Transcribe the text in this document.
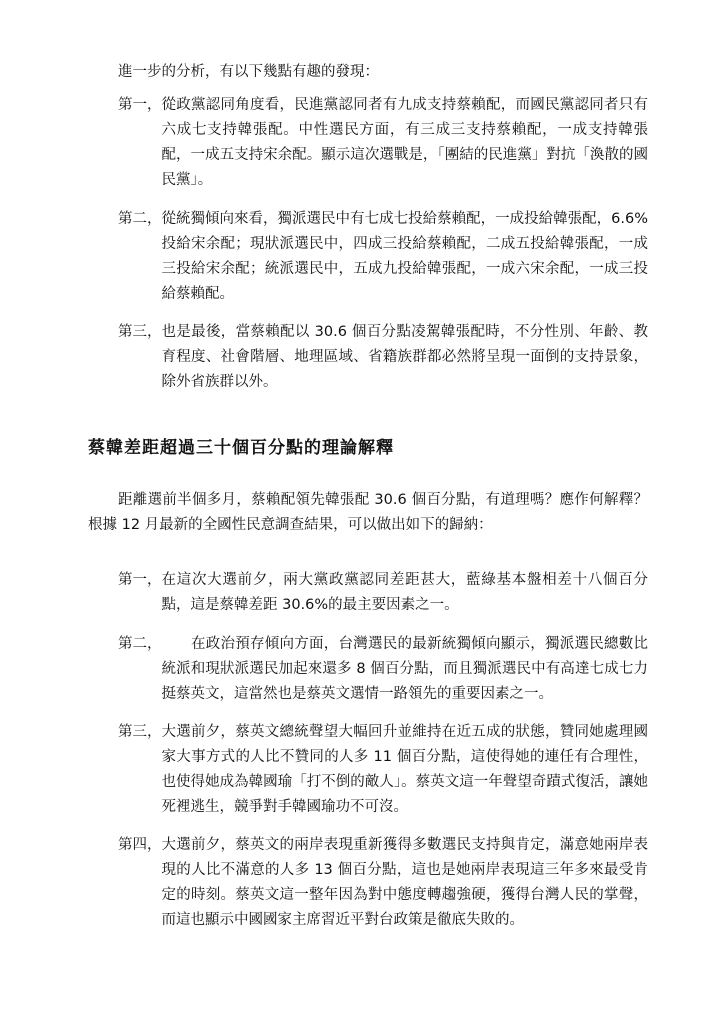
進一步的分析，有以下幾點有趣的發現：

第一， 從政黨認同角度看，民進黨認同者有九成支持蔡賴配，而國民黨認同者只有六成七支持韓張配。中性選民方面，有三成三支持蔡賴配，一成支持韓張配，一成五支持宋余配。顯示這次選戰是，「團結的民進黨」對抗「渙散的國民黨」。
第二， 從統獨傾向來看，獨派選民中有七成七投給蔡賴配，一成投給韓張配，6.6%投給宋余配；現狀派選民中，四成三投給蔡賴配，二成五投給韓張配，一成三投給宋余配；統派選民中，五成九投給韓張配，一成六宋余配，一成三投給蔡賴配。
第三， 也是最後，當蔡賴配以 30.6 個百分點凌駕韓張配時，不分性別、年齡、教育程度、社會階層、地理區域、省籍族群都必然將呈現一面倒的支持景象，除外省族群以外。
蔡韓差距超過三十個百分點的理論解釋

距離選前半個多月，蔡賴配領先韓張配 30.6 個百分點，有道理嗎？應作何解釋？根據 12 月最新的全國性民意調查結果，可以做出如下的歸納：

第一， 在這次大選前夕，兩大黨政黨認同差距甚大，藍綠基本盤相差十八個百分點，這是蔡韓差距 30.6%的最主要因素之一。
第二， 　　在政治預存傾向方面，台灣選民的最新統獨傾向顯示，獨派選民總數比統派和現狀派選民加起來還多 8 個百分點，而且獨派選民中有高達七成七力挺蔡英文，這當然也是蔡英文選情一路領先的重要因素之一。
第三， 大選前夕，蔡英文總統聲望大幅回升並維持在近五成的狀態，贊同她處理國家大事方式的人比不贊同的人多 11 個百分點，這使得她的連任有合理性，也使得她成為韓國瑜「打不倒的敵人」。蔡英文這一年聲望奇蹟式復活，讓她死裡逃生，競爭對手韓國瑜功不可沒。
第四， 大選前夕，蔡英文的兩岸表現重新獲得多數選民支持與肯定，滿意她兩岸表現的人比不滿意的人多 13 個百分點，這也是她兩岸表現這三年多來最受肯定的時刻。蔡英文這一整年因為對中態度轉趨強硬，獲得台灣人民的掌聲，而這也顯示中國國家主席習近平對台政策是徹底失敗的。
